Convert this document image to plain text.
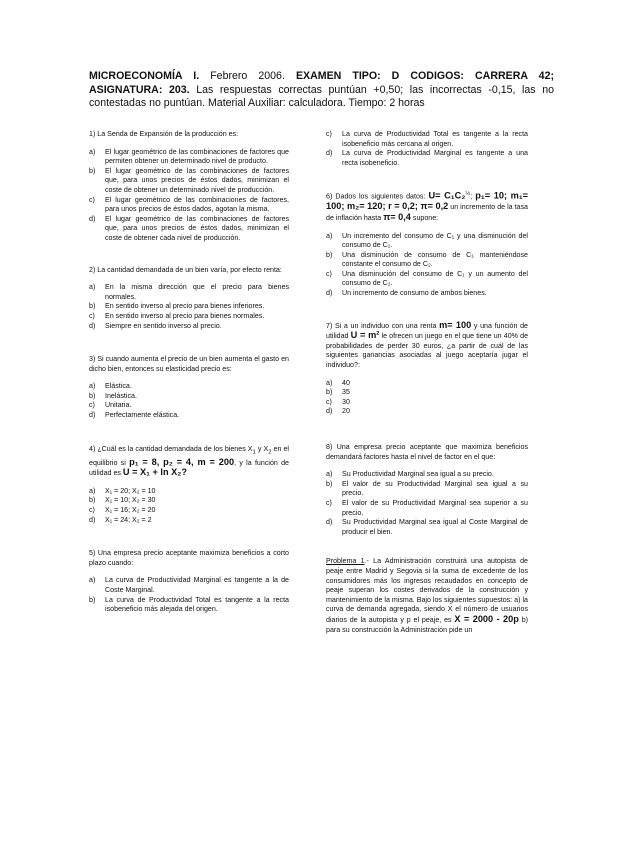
MICROECONOMÍA I. Febrero 2006. EXAMEN TIPO: D CODIGOS: CARRERA 42; ASIGNATURA: 203. Las respuestas correctas puntúan +0,50; las incorrectas -0,15, las no contestadas no puntúan. Material Auxiliar: calculadora. Tiempo: 2 horas
1) La Senda de Expansión de la producción es:
a)	El lugar geométrico de las combinaciones de factores que permiten obtener un determinado nivel de producto.
b)	El lugar geométrico de las combinaciones de factores que, para unos precios de éstos dados, minimizan el coste de obtener un determinado nivel de producción.
c)	El lugar geométrico de las combinaciones de factores, para unos precios de éstos dados, agotan la misma.
d)	El lugar geométrico de las combinaciones de factores que, para unos precios de éstos dados, minimizan el coste de obtener cada nivel de producción.
2) La cantidad demandada de un bien varía, por efecto renta:
a)	En la misma dirección que el precio para bienes normales.
b)	En sentido inverso al precio para bienes inferiores.
c)	En sentido inverso al precio para bienes normales.
d)	Siempre en sentido inverso al precio.
3) Si cuando aumenta el precio de un bien aumenta el gasto en dicho bien, entonces su elasticidad precio es:
a)	Elástica.
b)	Inelástica.
c)	Unitaria.
d)	Perfectamente elástica.
4) ¿Cuál es la cantidad demandada de los bienes $X_1$ y $X_2$ en el equilibrio si p₁ = 8, p₂ = 4, m = 200, y la función de utilidad es U = X₁ + ln X₂?
a)	X₁ = 20; X₂ = 10
b)	X₁ = 10; X₂ = 30
c)	X₁ = 16; X₂ = 20
d)	X₁ = 24; X₂ = 2
5) Una empresa precio aceptante maximiza beneficios a corto plazo cuando:
a)	La curva de Productividad Marginal es tangente a la de Coste Marginal.
b)	La curva de Productividad Total es tangente a la recta isobeneficio más alejada del origen.
c)	La curva de Productividad Total es tangente a la recta isobeneficio más cercana al origen.
d)	La curva de Productividad Marginal es tangente a una recta isobeneficio.
6) Dados los siguientes datos: U= C₁C₂$^{\frac{1}{2}}$; p₁= 10; m₁= 100; m₂= 120; r = 0,2; π= 0,2 un incremento de la tasa de inflación hasta π= 0,4 supone:
a)	Un incremento del consumo de C₁ y una disminución del consumo de C₂.
b)	Una disminución de consumo de C₁ manteniéndose constante el consumo de C₂.
c)	Una disminución del consumo de C₁ y un aumento del consumo de C₂.
d)	Un incremento de consumo de ambos bienes.
7) Si a un individuo con una renta m= 100 y una función de utilidad U = m² le ofrecen un juego en el que tiene un 40% de probabilidades de perder 30 euros, ¿a partir de cuál de las siguientes ganancias asociadas al juego aceptaría jugar el individuo?:
a)	40
b)	35
c)	30
d)	20
8) Una empresa precio aceptante que maximiza beneficios demandará factores hasta el nivel de factor en el que:
a)	Su Productividad Marginal sea igual a su precio.
b)	El valor de su Productividad Marginal sea igual a su precio.
c)	El valor de su Productividad Marginal sea superior a su precio.
d)	Su Productividad Marginal sea igual al Coste Marginal de producir el bien.
Problema 1.- La Administración construirá una autopista de peaje entre Madrid y Segovia si la suma de excedente de los consumidores más los ingresos recaudados en concepto de peaje superan los costes derivados de la construcción y mantenimiento de la misma. Bajo los siguientes supuestos: a) la curva de demanda agregada, siendo X el número de usuarios diarios de la autopista y p el peaje, es X = 2000 - 20p b) para su construcción la Administración pide un
